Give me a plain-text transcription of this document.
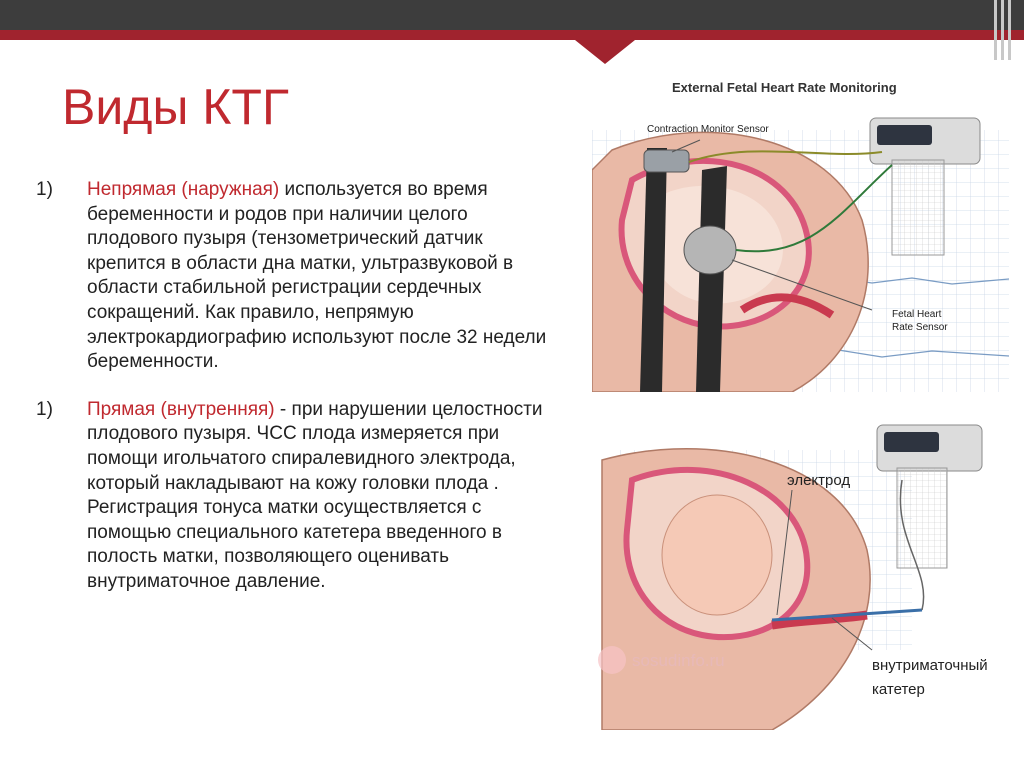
Виды КТГ
1) Непрямая (наружная) используется во время беременности и родов при наличии целого плодового пузыря (тензометрический датчик крепится в области дна матки, ультразвуковой в области стабильной регистрации сердечных сокращений. Как правило, непрямую электрокардиографию используют после 32 недели беременности.
1) Прямая (внутренняя) - при нарушении целостности плодового пузыря. ЧСС плода измеряется при помощи игольчатого спиралевидного электрода, который накладывают на кожу головки плода . Регистрация тонуса матки осуществляется с помощью специального катетера введенного в полость матки, позволяющего оценивать внутриматочное давление.
External Fetal Heart Rate Monitoring
Contraction Monitor Sensor
Fetal Heart
Rate Sensor
электрод
внутриматочный
катетер
sosudinfo.ru
